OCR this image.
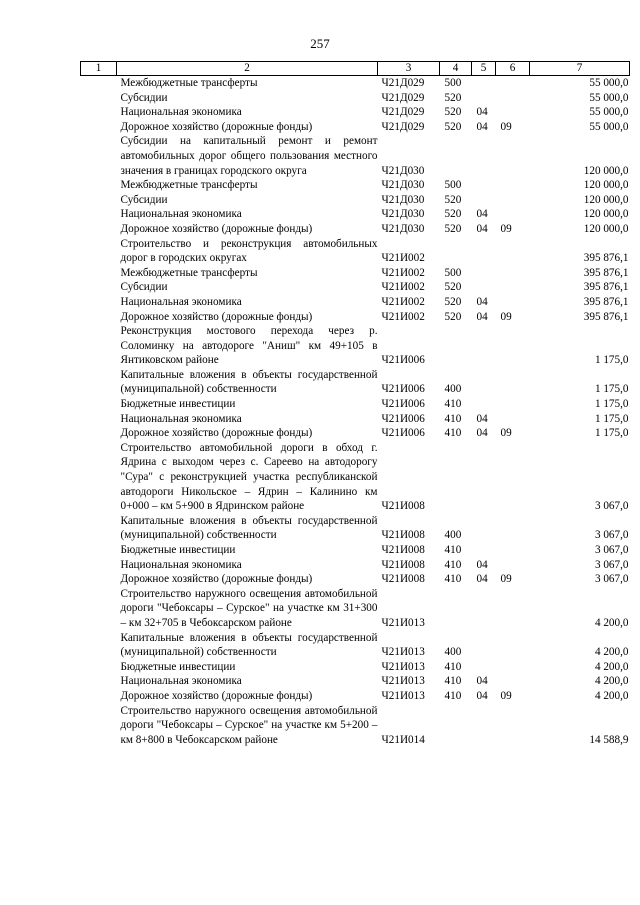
257
1	2	3	4	5	6	7
	Межбюджетные трансферты	Ч21Д029	500			55 000,0
	Субсидии	Ч21Д029	520			55 000,0
	Национальная экономика	Ч21Д029	520	04		55 000,0
	Дорожное хозяйство (дорожные фонды)	Ч21Д029	520	04	09	55 000,0
	Субсидии на капитальный ремонт и ремонт автомобильных дорог общего пользования местного значения в границах городского округа	Ч21Д030				120 000,0
	Межбюджетные трансферты	Ч21Д030	500			120 000,0
	Субсидии	Ч21Д030	520			120 000,0
	Национальная экономика	Ч21Д030	520	04		120 000,0
	Дорожное хозяйство (дорожные фонды)	Ч21Д030	520	04	09	120 000,0
	Строительство и реконструкция автомобильных дорог в городских округах	Ч21И002				395 876,1
	Межбюджетные трансферты	Ч21И002	500			395 876,1
	Субсидии	Ч21И002	520			395 876,1
	Национальная экономика	Ч21И002	520	04		395 876,1
	Дорожное хозяйство (дорожные фонды)	Ч21И002	520	04	09	395 876,1
	Реконструкция мостового перехода через р. Соломинку на автодороге "Аниш" км 49+105 в Янтиковском районе	Ч21И006				1 175,0
	Капитальные вложения в объекты государственной (муниципальной) собственности	Ч21И006	400			1 175,0
	Бюджетные инвестиции	Ч21И006	410			1 175,0
	Национальная экономика	Ч21И006	410	04		1 175,0
	Дорожное хозяйство (дорожные фонды)	Ч21И006	410	04	09	1 175,0
	Строительство автомобильной дороги в обход г. Ядрина с выходом через с. Сареево на автодорогу "Сура" с реконструкцией участка республиканской автодороги Никольское – Ядрин – Калинино км 0+000 – км 5+900 в Ядринском районе	Ч21И008				3 067,0
	Капитальные вложения в объекты государственной (муниципальной) собственности	Ч21И008	400			3 067,0
	Бюджетные инвестиции	Ч21И008	410			3 067,0
	Национальная экономика	Ч21И008	410	04		3 067,0
	Дорожное хозяйство (дорожные фонды)	Ч21И008	410	04	09	3 067,0
	Строительство наружного освещения автомобильной дороги "Чебоксары – Сурское" на участке км 31+300 – км 32+705 в Чебоксарском районе	Ч21И013				4 200,0
	Капитальные вложения в объекты государственной (муниципальной) собственности	Ч21И013	400			4 200,0
	Бюджетные инвестиции	Ч21И013	410			4 200,0
	Национальная экономика	Ч21И013	410	04		4 200,0
	Дорожное хозяйство (дорожные фонды)	Ч21И013	410	04	09	4 200,0
	Строительство наружного освещения автомобильной дороги "Чебоксары – Сурское" на участке км 5+200 – км 8+800 в Чебоксарском районе	Ч21И014				14 588,9
